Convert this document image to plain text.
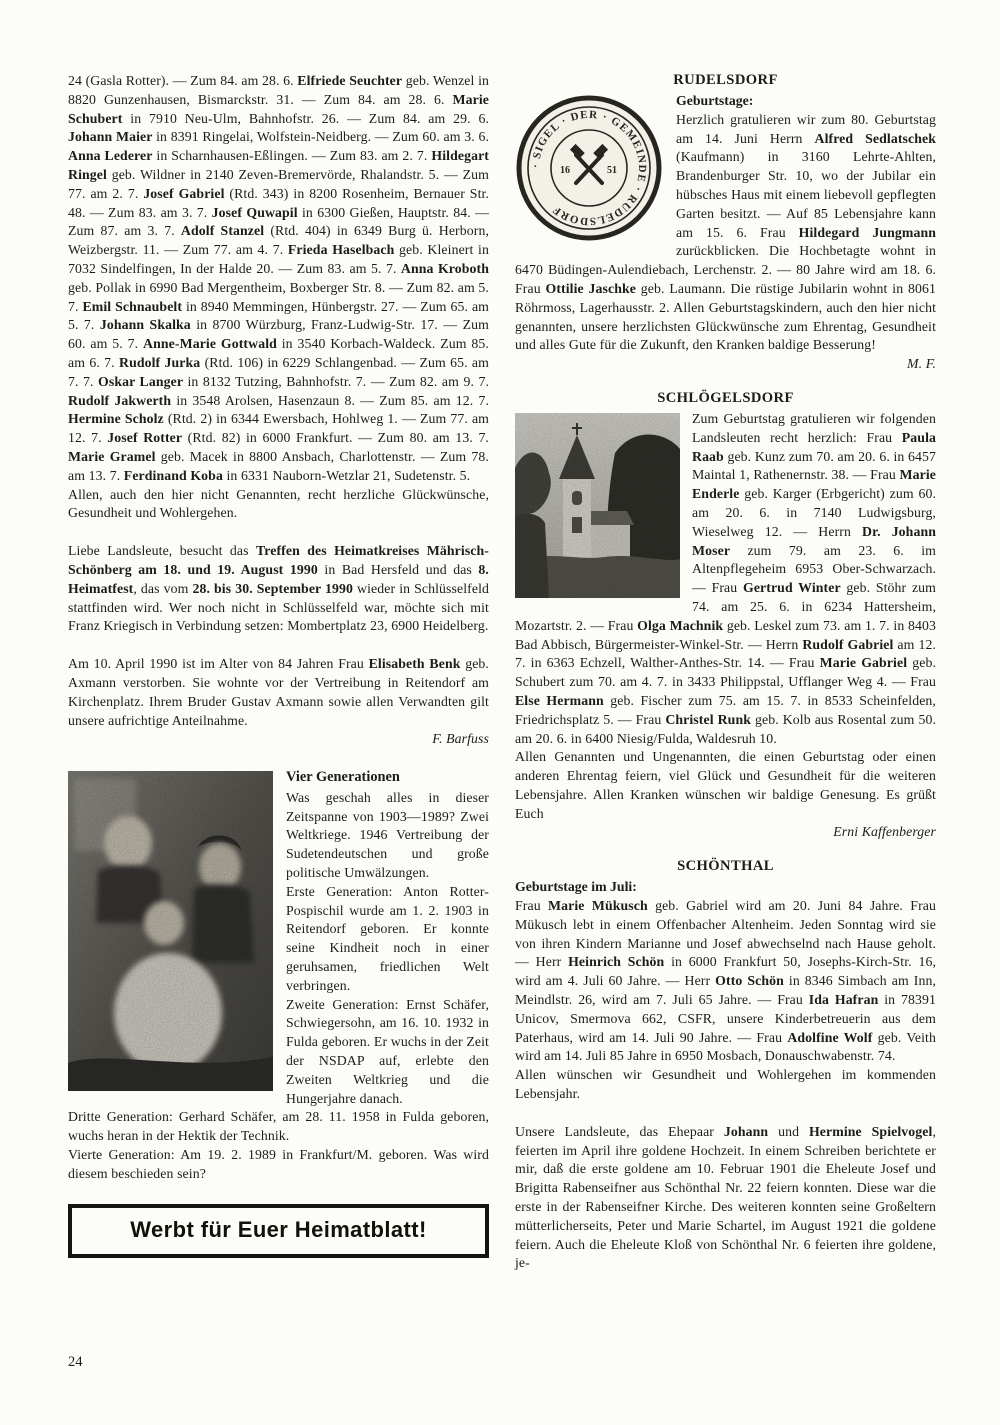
24 (Gasla Rotter). — Zum 84. am 28. 6. Elfriede Seuchter geb. Wenzel in 8820 Gunzenhausen, Bismarckstr. 31. — Zum 84. am 28. 6. Marie Schubert in 7910 Neu-Ulm, Bahnhofstr. 26. — Zum 84. am 29. 6. Johann Maier in 8391 Ringelai, Wolfstein-Neidberg. — Zum 60. am 3. 6. Anna Lederer in Scharnhausen-Eßlingen. — Zum 83. am 2. 7. Hildegart Ringel geb. Wildner in 2140 Zeven-Bremervörde, Rhalandstr. 5. — Zum 77. am 2. 7. Josef Gabriel (Rtd. 343) in 8200 Rosenheim, Bernauer Str. 48. — Zum 83. am 3. 7. Josef Quwapil in 6300 Gießen, Hauptstr. 84. — Zum 87. am 3. 7. Adolf Stanzel (Rtd. 404) in 6349 Burg ü. Herborn, Weizbergstr. 11. — Zum 77. am 4. 7. Frieda Haselbach geb. Kleinert in 7032 Sindelfingen, In der Halde 20. — Zum 83. am 5. 7. Anna Kroboth geb. Pollak in 6990 Bad Mergentheim, Boxberger Str. 8. — Zum 82. am 5. 7. Emil Schnaubelt in 8940 Memmingen, Hünbergstr. 27. — Zum 65. am 5. 7. Johann Skalka in 8700 Würzburg, Franz-Ludwig-Str. 17. — Zum 60. am 5. 7. Anne-Marie Gottwald in 3540 Korbach-Waldeck. Zum 85. am 6. 7. Rudolf Jurka (Rtd. 106) in 6229 Schlangenbad. — Zum 65. am 7. 7. Oskar Langer in 8132 Tutzing, Bahnhofstr. 7. — Zum 82. am 9. 7. Rudolf Jakwerth in 3548 Arolsen, Hasenzaun 8. — Zum 85. am 12. 7. Hermine Scholz (Rtd. 2) in 6344 Ewersbach, Hohlweg 1. — Zum 77. am 12. 7. Josef Rotter (Rtd. 82) in 6000 Frankfurt. — Zum 80. am 13. 7. Marie Gramel geb. Macek in 8800 Ansbach, Charlottenstr. — Zum 78. am 13. 7. Ferdinand Koba in 6331 Nauborn-Wetzlar 21, Sudetenstr. 5.

Allen, auch den hier nicht Genannten, recht herzliche Glückwünsche, Gesundheit und Wohlergehen.

Liebe Landsleute, besucht das Treffen des Heimatkreises Mährisch-Schönberg am 18. und 19. August 1990 in Bad Hersfeld und das 8. Heimatfest, das vom 28. bis 30. September 1990 wieder in Schlüsselfeld stattfinden wird. Wer noch nicht in Schlüsselfeld war, möchte sich mit Franz Kriegisch in Verbindung setzen: Mombertplatz 23, 6900 Heidelberg.

Am 10. April 1990 ist im Alter von 84 Jahren Frau Elisabeth Benk geb. Axmann verstorben. Sie wohnte vor der Vertreibung in Reitendorf am Kirchenplatz. Ihrem Bruder Gustav Axmann sowie allen Verwandten gilt unsere aufrichtige Anteilnahme.

F. Barfuss

Vier Generationen

Was geschah alles in dieser Zeitspanne von 1903—1989? Zwei Weltkriege. 1946 Vertreibung der Sudetendeutschen und große politische Umwälzungen.

Erste Generation: Anton Rotter-Pospischil wurde am 1. 2. 1903 in Reitendorf geboren. Er konnte seine Kindheit noch in einer geruhsamen, friedlichen Welt verbringen.

Zweite Generation: Ernst Schäfer, Schwiegersohn, am 16. 10. 1932 in Fulda geboren. Er wuchs in der Zeit der NSDAP auf, erlebte den Zweiten Weltkrieg und die Hungerjahre danach.

Dritte Generation: Gerhard Schäfer, am 28. 11. 1958 in Fulda geboren, wuchs heran in der Hektik der Technik.

Vierte Generation: Am 19. 2. 1989 in Frankfurt/M. geboren. Was wird diesem beschieden sein?

Werbt für Euer Heimatblatt!
RUDELSDORF
· SIGEL · DER · GEMEINDE · RUDELSDORF
16	51

Geburtstage:

Herzlich gratulieren wir zum 80. Geburtstag am 14. Juni Herrn Alfred Sedlatschek (Kaufmann) in 3160 Lehrte-Ahlten, Brandenburger Str. 10, wo der Jubilar ein hübsches Haus mit einem liebevoll gepflegten Garten besitzt. — Auf 85 Lebensjahre kann am 15. 6. Frau Hildegard Jungmann zurückblicken. Die Hochbetagte wohnt in 6470 Büdingen-Aulendiebach, Lerchenstr. 2. — 80 Jahre wird am 18. 6. Frau Ottilie Jaschke geb. Laumann. Die rüstige Jubilarin wohnt in 8061 Röhrmoss, Lagerhausstr. 2. Allen Geburtstagskindern, auch den hier nicht genannten, unsere herzlichsten Glückwünsche zum Ehrentag, Gesundheit und alles Gute für die Zukunft, den Kranken baldige Besserung!

M. F.

SCHLÖGELSDORF

Zum Geburtstag gratulieren wir folgenden Landsleuten recht herzlich: Frau Paula Raab geb. Kunz zum 70. am 20. 6. in 6457 Maintal 1, Rathenernstr. 38. — Frau Marie Enderle geb. Karger (Erbgericht) zum 60. am 20. 6. in 7140 Ludwigsburg, Wieselweg 12. — Herrn Dr. Johann Moser zum 79. am 23. 6. im Altenpflegeheim 6953 Ober-Schwarzach. — Frau Gertrud Winter geb. Stöhr zum 74. am 25. 6. in 6234 Hattersheim, Mozartstr. 2. — Frau Olga Machnik geb. Leskel zum 73. am 1. 7. in 8403 Bad Abbisch, Bürgermeister-Winkel-Str. — Herrn Rudolf Gabriel am 12. 7. in 6363 Echzell, Walther-Anthes-Str. 14. — Frau Marie Gabriel geb. Schubert zum 70. am 4. 7. in 3433 Philippstal, Ufflanger Weg 4. — Frau Else Hermann geb. Fischer zum 75. am 15. 7. in 8533 Scheinfelden, Friedrichsplatz 5. — Frau Christel Runk geb. Kolb aus Rosental zum 50. am 20. 6. in 6400 Niesig/Fulda, Waldesruh 10.

Allen Genannten und Ungenannten, die einen Geburtstag oder einen anderen Ehrentag feiern, viel Glück und Gesundheit für die weiteren Lebensjahre. Allen Kranken wünschen wir baldige Genesung. Es grüßt Euch

Erni Kaffenberger

SCHÖNTHAL

Geburtstage im Juli:

Frau Marie Mükusch geb. Gabriel wird am 20. Juni 84 Jahre. Frau Mükusch lebt in einem Offenbacher Altenheim. Jeden Sonntag wird sie von ihren Kindern Marianne und Josef abwechselnd nach Hause geholt. — Herr Heinrich Schön in 6000 Frankfurt 50, Josephs-Kirch-Str. 16, wird am 4. Juli 60 Jahre. — Herr Otto Schön in 8346 Simbach am Inn, Meindlstr. 26, wird am 7. Juli 65 Jahre. — Frau Ida Hafran in 78391 Unicov, Smermova 662, CSFR, unsere Kinderbetreuerin aus dem Paterhaus, wird am 14. Juli 90 Jahre. — Frau Adolfine Wolf geb. Veith wird am 14. Juli 85 Jahre in 6950 Mosbach, Donauschwabenstr. 74.

Allen wünschen wir Gesundheit und Wohlergehen im kommenden Lebensjahr.

Unsere Landsleute, das Ehepaar Johann und Hermine Spielvogel, feierten im April ihre goldene Hochzeit. In einem Schreiben berichtete er mir, daß die erste goldene am 10. Februar 1901 die Eheleute Josef und Brigitta Rabenseifner aus Schönthal Nr. 22 feiern konnten. Diese war die erste in der Rabenseifner Kirche. Des weiteren konnten seine Großeltern mütterlicherseits, Peter und Marie Schartel, im August 1921 die goldene feiern. Auch die Eheleute Kloß von Schönthal Nr. 6 feierten ihre goldene, je-

24
